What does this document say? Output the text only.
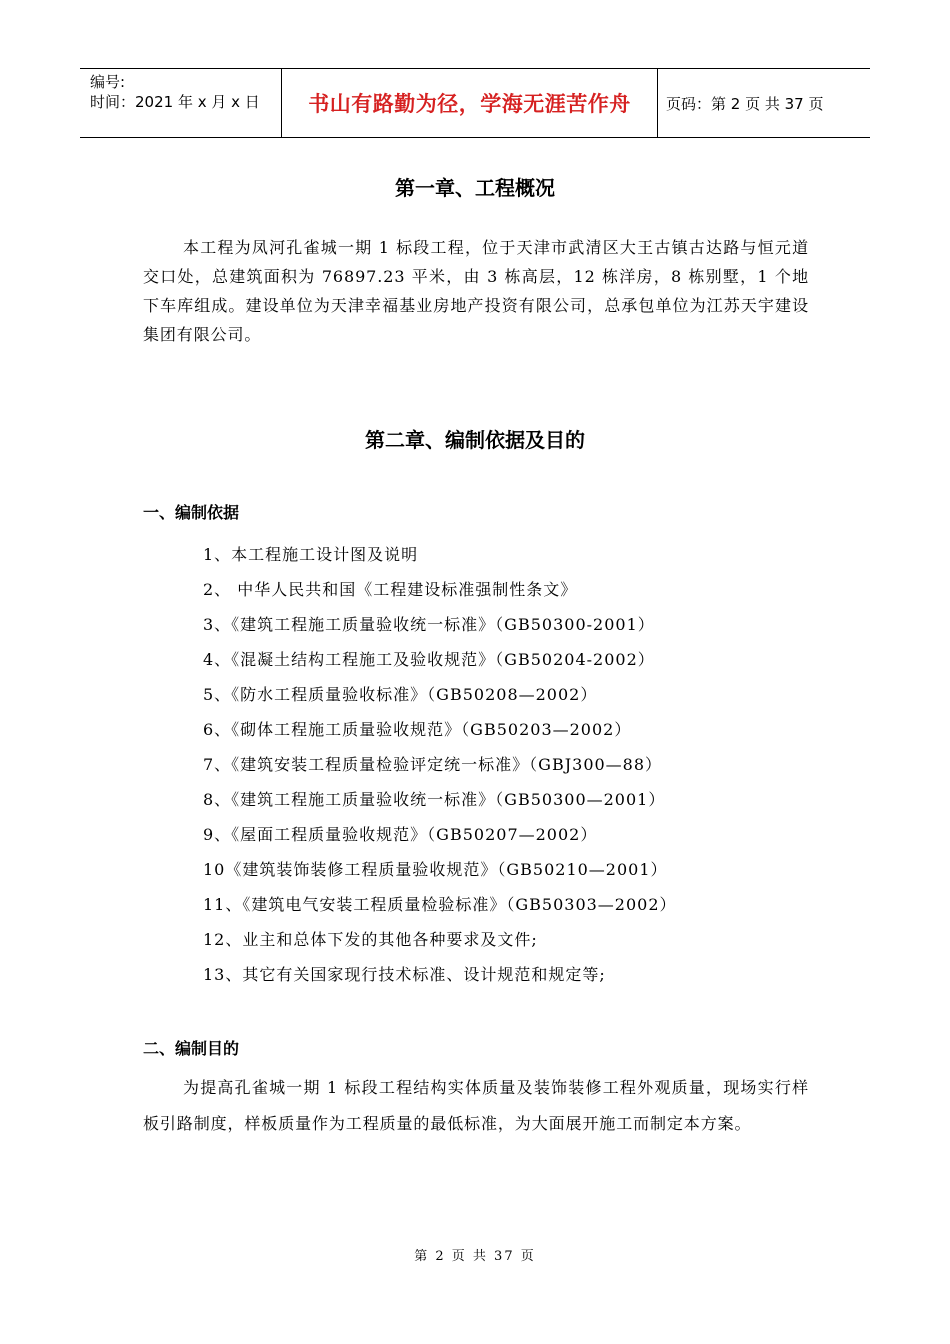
编号:
时间：2021 年 x 月 x 日	书山有路勤为径，学海无涯苦作舟	页码：第 2 页 共 37 页
第一章、工程概况

本工程为凤河孔雀城一期 1 标段工程，位于天津市武清区大王古镇古达路与恒元道交口处，总建筑面积为 76897.23 平米，由 3 栋高层，12 栋洋房，8 栋别墅，1 个地下车库组成。建设单位为天津幸福基业房地产投资有限公司，总承包单位为江苏天宇建设集团有限公司。

第二章、编制依据及目的
一、编制依据
1、本工程施工设计图及说明
2、 中华人民共和国《工程建设标准强制性条文》
3、《建筑工程施工质量验收统一标准》（GB50300-2001）
4、《混凝土结构工程施工及验收规范》（GB50204-2002）
5、《防水工程质量验收标准》（GB50208—2002）
6、《砌体工程施工质量验收规范》（GB50203—2002）
7、《建筑安装工程质量检验评定统一标准》（GBJ300—88）
8、《建筑工程施工质量验收统一标准》（GB50300—2001）
9、《屋面工程质量验收规范》（GB50207—2002）
10《建筑装饰装修工程质量验收规范》（GB50210—2001）
11、《建筑电气安装工程质量检验标准》（GB50303—2002）
12、业主和总体下发的其他各种要求及文件;
13、其它有关国家现行技术标准、设计规范和规定等;
二、编制目的

为提高孔雀城一期 1 标段工程结构实体质量及装饰装修工程外观质量，现场实行样板引路制度，样板质量作为工程质量的最低标准，为大面展开施工而制定本方案。

第 2 页 共 37 页
